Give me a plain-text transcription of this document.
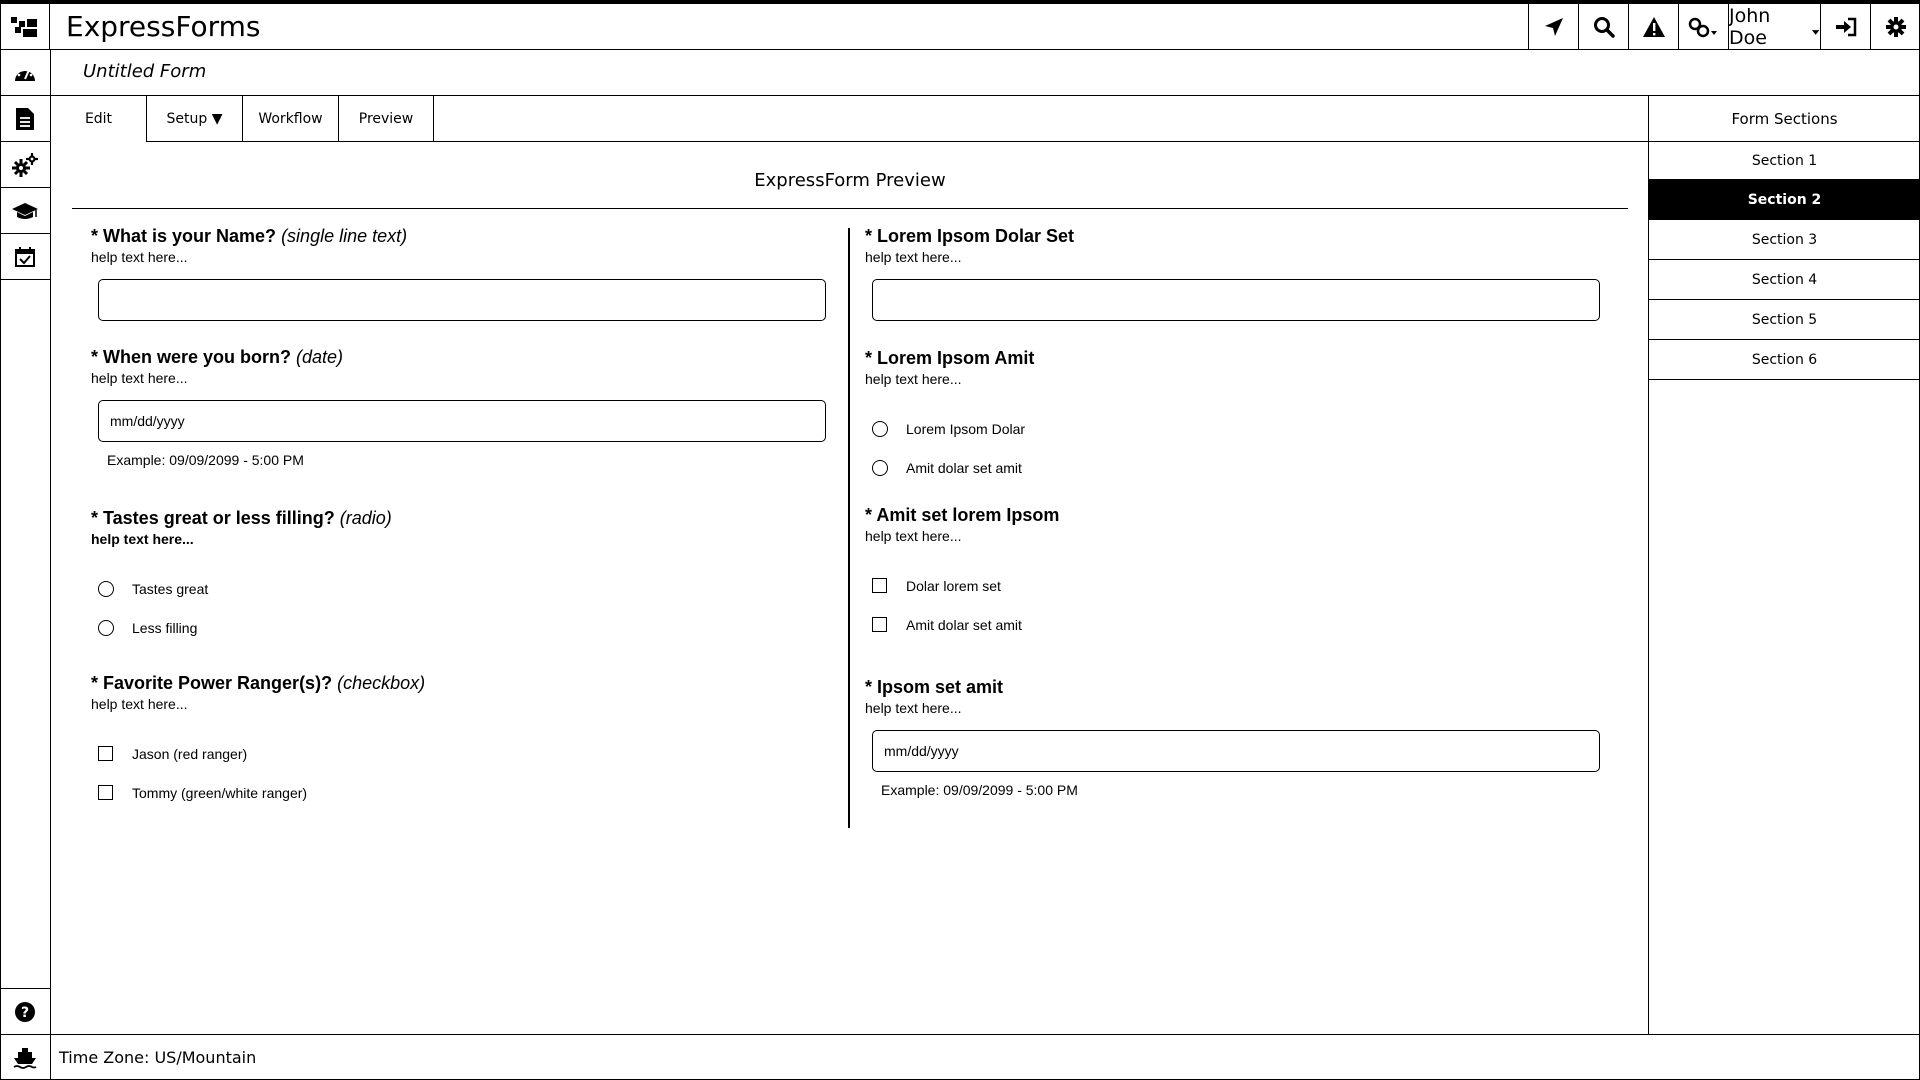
ExpressForms	John Doe
?
Untitled Form
Edit	Setup ▼	Workflow	Preview	Form Sections
Section 1
Section 2
Section 3
Section 4
Section 5
Section 6
ExpressForm Preview
* What is your Name? (single line text)
help text here...
* When were you born? (date)
help text here...
mm/dd/yyyy
Example: 09/09/2099 - 5:00 PM
* Tastes great or less filling? (radio)
help text here...
Tastes great
Less filling
* Favorite Power Ranger(s)? (checkbox)
help text here...
Jason (red ranger)
Tommy (green/white ranger)
* Lorem Ipsom Dolar Set
help text here...
* Lorem Ipsom Amit
help text here...
Lorem Ipsom Dolar
Amit dolar set amit
* Amit set lorem Ipsom
help text here...
Dolar lorem set
Amit dolar set amit
* Ipsom set amit
help text here...
mm/dd/yyyy
Example: 09/09/2099 - 5:00 PM
Time Zone: US/Mountain
